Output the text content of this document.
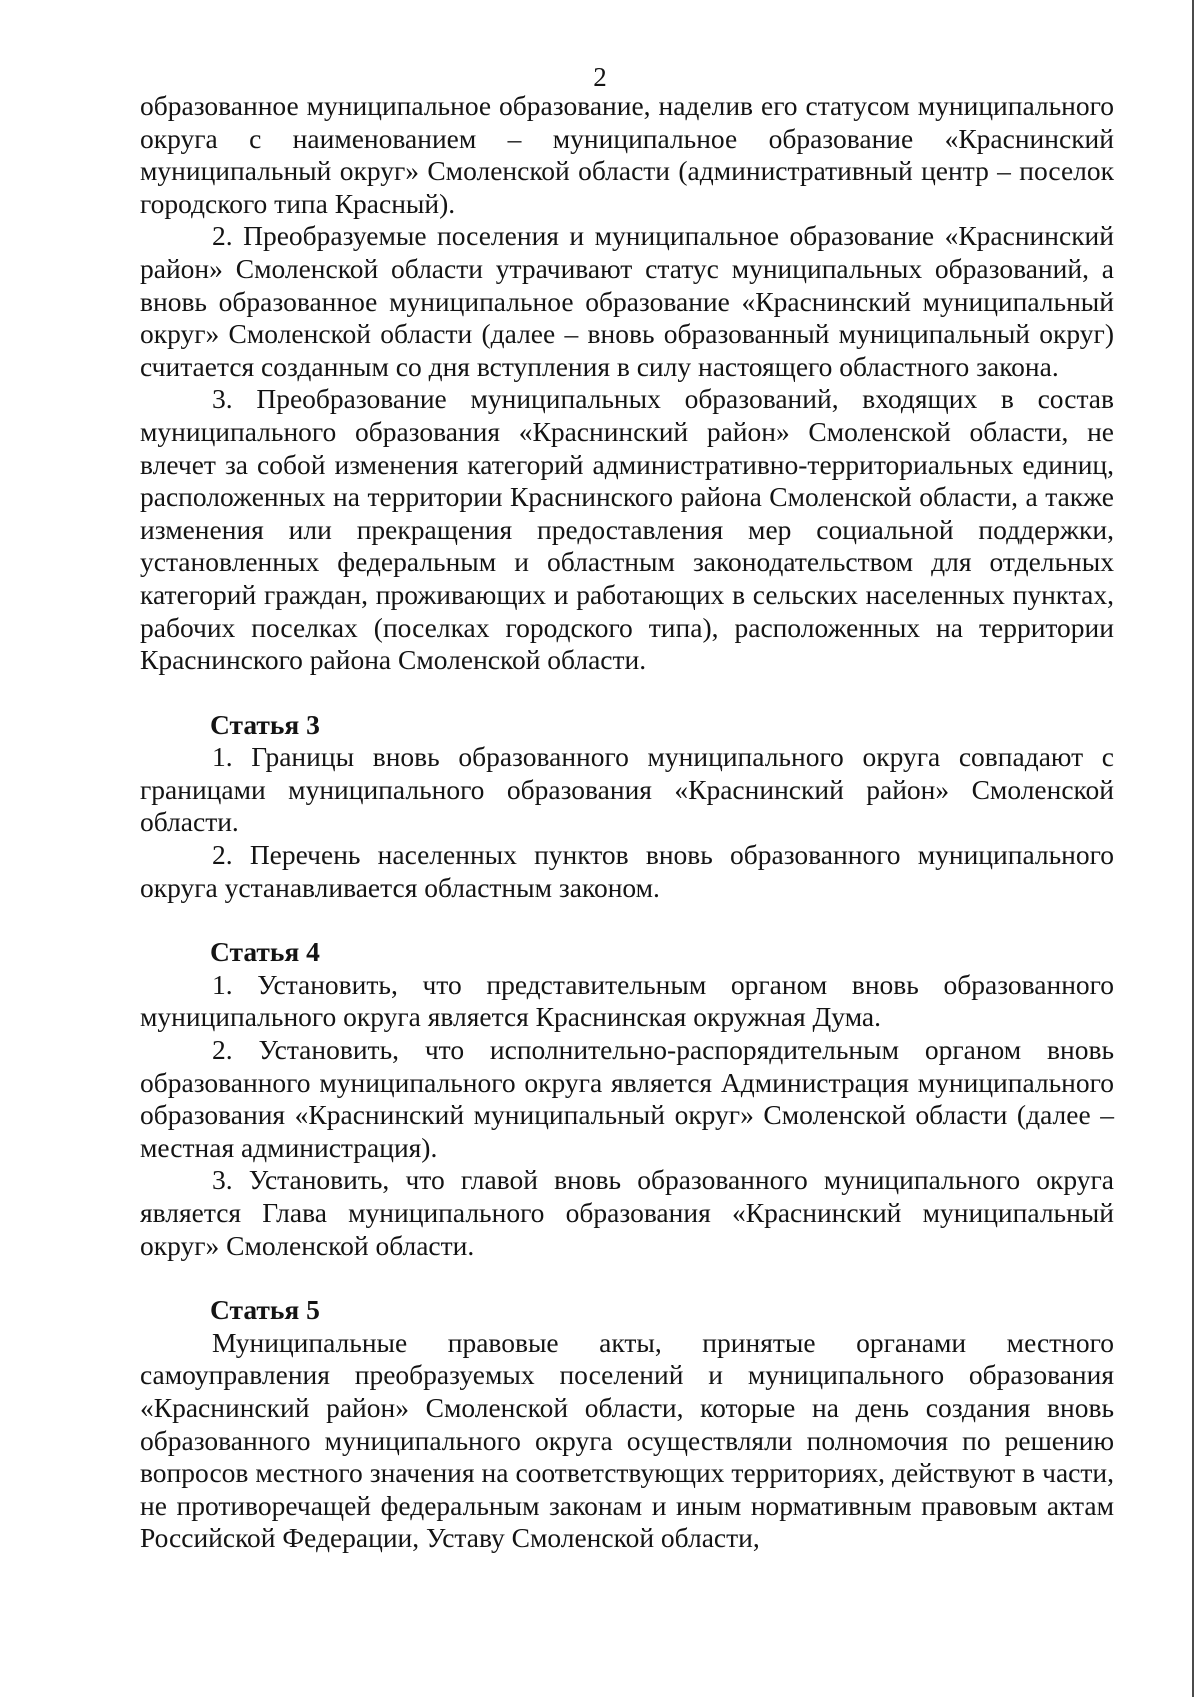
2

образованное муниципальное образование, наделив его статусом муниципального округа с наименованием – муниципальное образование «Краснинский муниципальный округ» Смоленской области (административный центр – поселок городского типа Красный).

2. Преобразуемые поселения и муниципальное образование «Краснинский район» Смоленской области утрачивают статус муниципальных образований, а вновь образованное муниципальное образование «Краснинский муниципальный округ» Смоленской области (далее – вновь образованный муниципальный округ) считается созданным со дня вступления в силу настоящего областного закона.

3. Преобразование муниципальных образований, входящих в состав муниципального образования «Краснинский район» Смоленской области, не влечет за собой изменения категорий административно-территориальных единиц, расположенных на территории Краснинского района Смоленской области, а также изменения или прекращения предоставления мер социальной поддержки, установленных федеральным и областным законодательством для отдельных категорий граждан, проживающих и работающих в сельских населенных пунктах, рабочих поселках (поселках городского типа), расположенных на территории Краснинского района Смоленской области.

Статья 3

1. Границы вновь образованного муниципального округа совпадают с границами муниципального образования «Краснинский район» Смоленской области.

2. Перечень населенных пунктов вновь образованного муниципального округа устанавливается областным законом.

Статья 4

1. Установить, что представительным органом вновь образованного муниципального округа является Краснинская окружная Дума.

2. Установить, что исполнительно-распорядительным органом вновь образованного муниципального округа является Администрация муниципального образования «Краснинский муниципальный округ» Смоленской области (далее – местная администрация).

3. Установить, что главой вновь образованного муниципального округа является Глава муниципального образования «Краснинский муниципальный округ» Смоленской области.

Статья 5

Муниципальные правовые акты, принятые органами местного самоуправления преобразуемых поселений и муниципального образования «Краснинский район» Смоленской области, которые на день создания вновь образованного муниципального округа осуществляли полномочия по решению вопросов местного значения на соответствующих территориях, действуют в части, не противоречащей федеральным законам и иным нормативным правовым актам Российской Федерации, Уставу Смоленской области,
